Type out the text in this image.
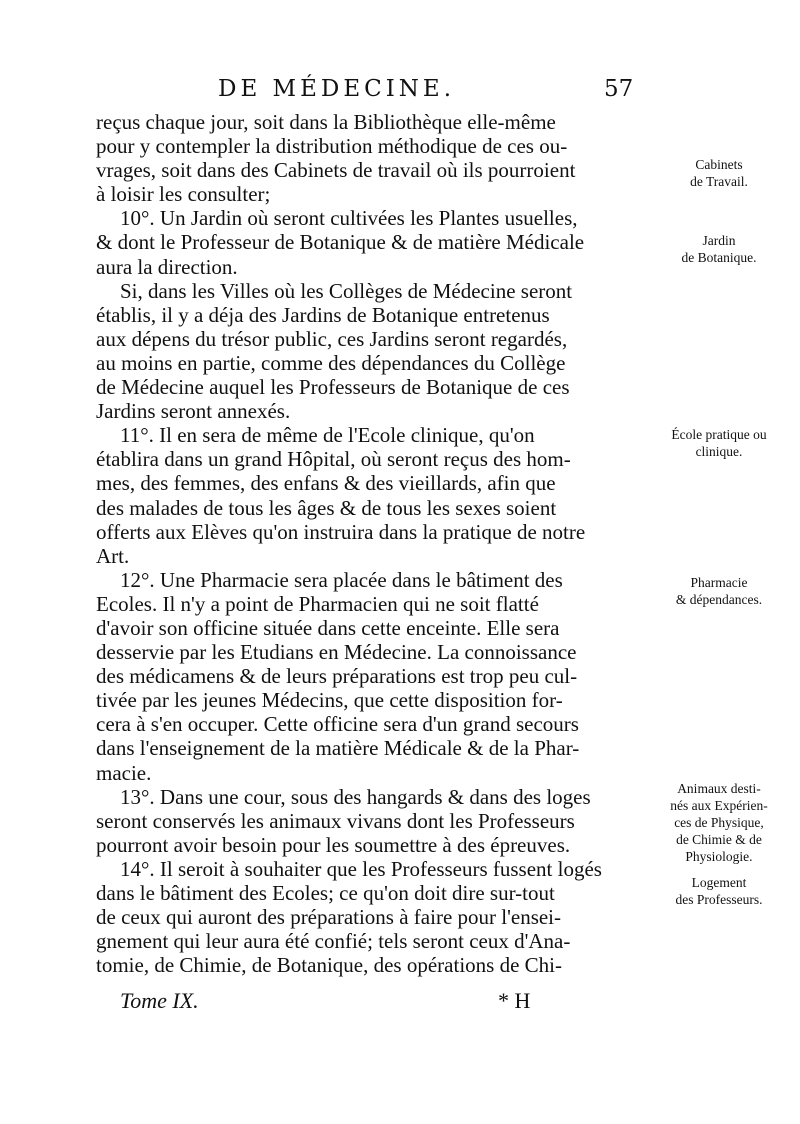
DE MÉDECINE.	57
reçus chaque jour, soit dans la Bibliothèque elle-même
pour y contempler la distribution méthodique de ces ou-
vrages, soit dans des Cabinets de travail où ils pourroient
à loisir les consulter;
10°. Un Jardin où seront cultivées les Plantes usuelles,
& dont le Professeur de Botanique & de matière Médicale
aura la direction.
Si, dans les Villes où les Collèges de Médecine seront
établis, il y a déja des Jardins de Botanique entretenus
aux dépens du trésor public, ces Jardins seront regardés,
au moins en partie, comme des dépendances du Collège
de Médecine auquel les Professeurs de Botanique de ces
Jardins seront annexés.
11°. Il en sera de même de l'Ecole clinique, qu'on
établira dans un grand Hôpital, où seront reçus des hom-
mes, des femmes, des enfans & des vieillards, afin que
des malades de tous les âges & de tous les sexes soient
offerts aux Elèves qu'on instruira dans la pratique de notre
Art.
12°. Une Pharmacie sera placée dans le bâtiment des
Ecoles. Il n'y a point de Pharmacien qui ne soit flatté
d'avoir son officine située dans cette enceinte. Elle sera
desservie par les Etudians en Médecine. La connoissance
des médicamens & de leurs préparations est trop peu cul-
tivée par les jeunes Médecins, que cette disposition for-
cera à s'en occuper. Cette officine sera d'un grand secours
dans l'enseignement de la matière Médicale & de la Phar-
macie.
13°. Dans une cour, sous des hangards & dans des loges
seront conservés les animaux vivans dont les Professeurs
pourront avoir besoin pour les soumettre à des épreuves.
14°. Il seroit à souhaiter que les Professeurs fussent logés
dans le bâtiment des Ecoles; ce qu'on doit dire sur-tout
de ceux qui auront des préparations à faire pour l'ensei-
gnement qui leur aura été confié; tels seront ceux d'Ana-
tomie, de Chimie, de Botanique, des opérations de Chi-
Cabinets
de Travail.
Jardin
de Botanique.
École pratique ou
clinique.
Pharmacie
& dépendances.
Animaux desti-
nés aux Expérien-
ces de Physique,
de Chimie & de
Physiologie.
Logement
des Professeurs.
Tome IX.	* H
